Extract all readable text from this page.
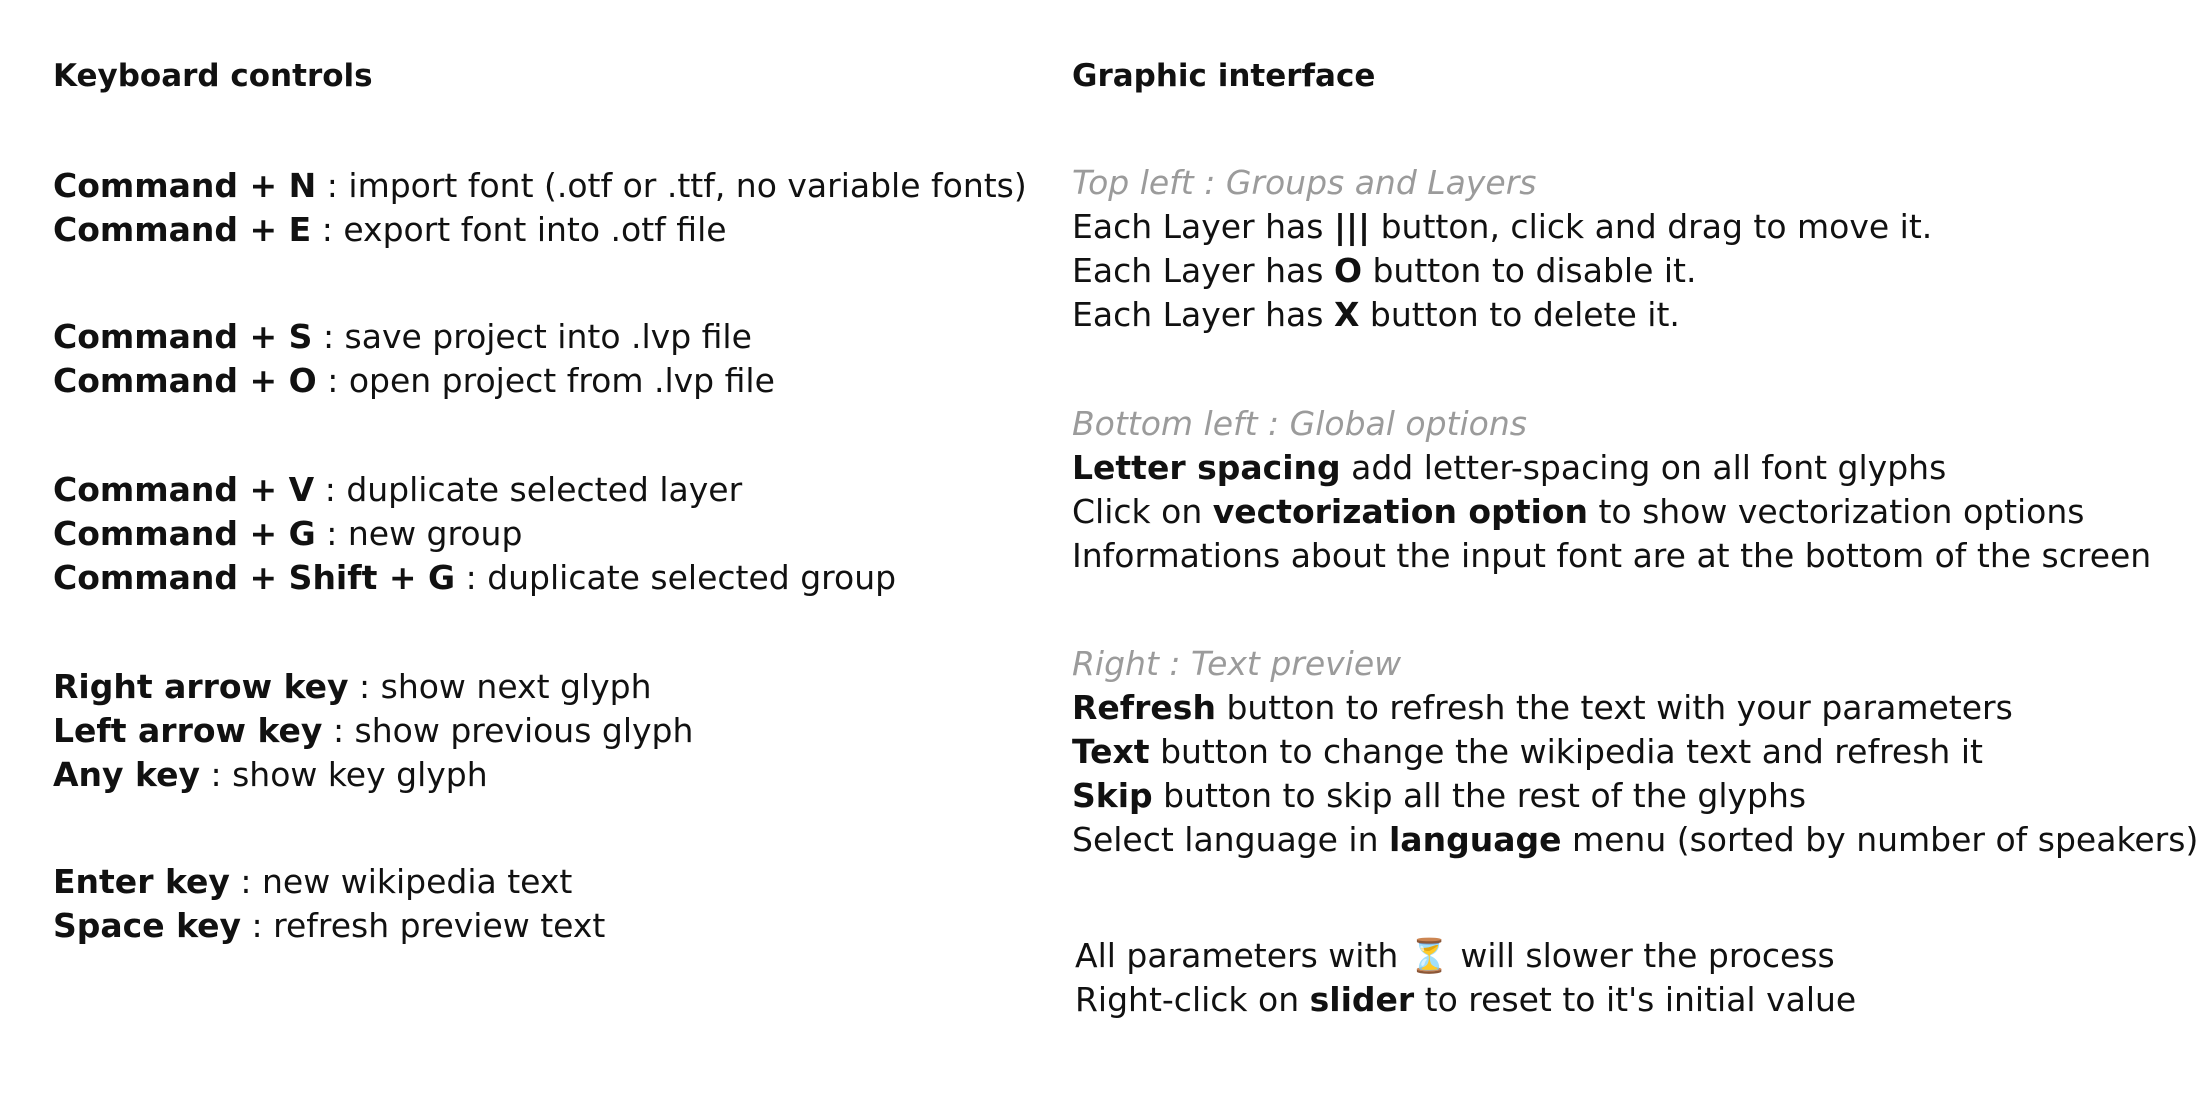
Keyboard controls
Command + N : import font (.otf or .ttf, no variable fonts)
Command + E : export font into .otf file
Command + S : save project into .lvp file
Command + O : open project from .lvp file
Command + V : duplicate selected layer
Command + G : new group
Command + Shift + G : duplicate selected group
Right arrow key : show next glyph
Left arrow key : show previous glyph
Any key : show key glyph
Enter key : new wikipedia text
Space key : refresh preview text
Graphic interface
Top left : Groups and Layers
Each Layer has ||| button, click and drag to move it.
Each Layer has O button to disable it.
Each Layer has X button to delete it.
Bottom left : Global options
Letter spacing add letter-spacing on all font glyphs
Click on vectorization option to show vectorization options
Informations about the input font are at the bottom of the screen
Right : Text preview
Refresh button to refresh the text with your parameters
Text button to change the wikipedia text and refresh it
Skip button to skip all the rest of the glyphs
Select language in language menu (sorted by number of speakers)
All parameters with ⏳ will slower the process
Right-click on slider to reset to it's initial value
